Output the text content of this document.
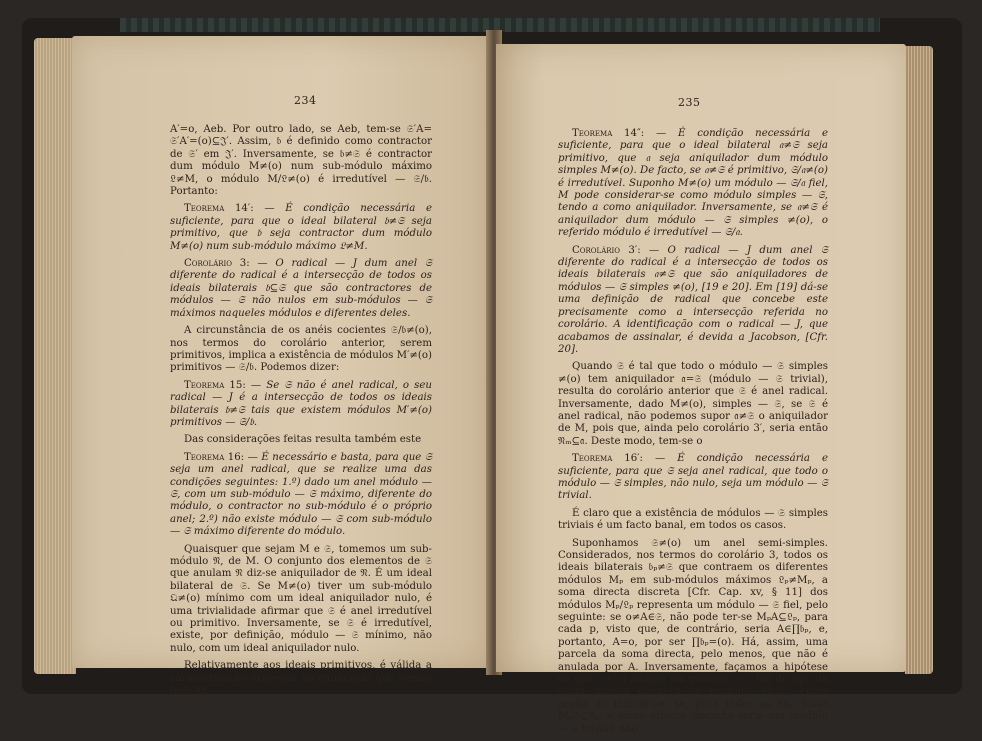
234

A′=o, Aeb. Por outro lado, se Aeb, tem-se 𝔖′A= 𝔖′A′=(o)⊆𝔍′. Assim, 𝔟 é definido como contractor de 𝔖′ em 𝔍′. Inversamente, se 𝔟≠𝔖 é contractor dum módulo M≠(o) num sub-módulo máximo 𝔏≠M, o módulo M/𝔏≠(o) é irredutível — 𝔖/𝔟. Portanto:

Teorema 14′: — É condição necessária e suficiente, para que o ideal bilateral 𝔟≠𝔖 seja primitivo, que 𝔟 seja contractor dum módulo M≠(o) num sub-módulo máximo 𝔏≠M.

Corolário 3: — O radical — J dum anel 𝔖 diferente do radical é a intersecção de todos os ideais bilaterais 𝔟⊆𝔖 que são contractores de módulos — 𝔖 não nulos em sub-módulos — 𝔖 máximos naqueles módulos e diferentes deles.

A circunstância de os anéis cocientes 𝔖/𝔟≠(o), nos termos do corolário anterior, serem primitivos, implica a existência de módulos M′≠(o) primitivos — 𝔖/𝔟. Podemos dizer:

Teorema 15: — Se 𝔖 não é anel radical, o seu radical — J é a intersecção de todos os ideais bilaterais 𝔟≠𝔖 tais que existem módulos M′≠(o) primitivos — 𝔖/𝔟.

Das considerações feitas resulta também este

Teorema 16: — É necessário e basta, para que 𝔖 seja um anel radical, que se realize uma das condições seguintes: 1.º) dado um anel módulo — 𝔖, com um sub-módulo — 𝔖 máximo, diferente do módulo, o contractor no sub-módulo é o próprio anel; 2.º) não existe módulo — 𝔖 com sub-módulo — 𝔖 máximo diferente do módulo.

Quaisquer que sejam M e 𝔖, tomemos um sub-módulo 𝔑, de M. O conjunto dos elementos de 𝔖 que anulam 𝔑 diz-se aniquilador de 𝔑. É um ideal bilateral de 𝔖. Se M≠(o) tiver um sub-módulo 𝔔≠(o) mínimo com um ideal aniquilador nulo, é uma trivialidade afirmar que 𝔖 é anel irredutível ou primitivo. Inversamente, se 𝔖 é irredutível, existe, por definição, módulo — 𝔖 mínimo, não nulo, com um ideal aniquilador nulo.

Relativamente aos ideais primitivos, é válida a caracterização expressa no enunciado que vamos indicar.

235

Teorema 14″: — É condição necessária e suficiente, para que o ideal bilateral 𝔞≠𝔖 seja primitivo, que 𝔞 seja aniquilador dum módulo simples M≠(o). De facto, se 𝔞≠𝔖 é primitivo, 𝔖/𝔞≠(o) é irredutível. Suponho M≠(o) um módulo — 𝔖/𝔞 fiel, M pode considerar-se como módulo simples — 𝔖, tendo a como aniquilador. Inversamente, se 𝔞≠𝔖 é aniquilador dum módulo — 𝔖 simples ≠(o), o referido módulo é irredutível — 𝔖/𝔞.

Corolário 3′: — O radical — J dum anel 𝔖 diferente do radical é a intersecção de todos os ideais bilaterais 𝔞≠𝔖 que são aniquiladores de módulos — 𝔖 simples ≠(o), [19 e 20]. Em [19] dá-se uma definição de radical que concebe este precisamente como a intersecção referida no corolário. A identificação com o radical — J, que acabamos de assinalar, é devida a Jacobson, [Cfr. 20].

Quando 𝔖 é tal que todo o módulo — 𝔖 simples ≠(o) tem aniquilador 𝔞=𝔖 (módulo — 𝔖 trivial), resulta do corolário anterior que 𝔖 é anel radical. Inversamente, dado M≠(o), simples — 𝔖, se 𝔖 é anel radical, não podemos supor 𝔞≠𝔖 o aniquilador de M, pois que, ainda pelo corolário 3′, seria então 𝔑ₘ⊆𝔞. Deste modo, tem-se o

Teorema 16′: — É condição necessária e suficiente, para que 𝔖 seja anel radical, que todo o módulo — 𝔖 simples, não nulo, seja um módulo — 𝔖 trivial.

É claro que a existência de módulos — 𝔖 simples triviais é um facto banal, em todos os casos.

Suponhamos 𝔖≠(o) um anel semi-simples. Considerados, nos termos do corolário 3, todos os ideais bilaterais 𝔟ₚ≠𝔖 que contraem os diferentes módulos Mₚ em sub-módulos máximos 𝔏ₚ≠Mₚ, a soma directa discreta [Cfr. Cap. xv, § 11] dos módulos Mₚ/𝔏ₚ representa um módulo — 𝔖 fiel, pelo seguinte: se o≠A∈𝔖, não pode ter-se MₚA⊆𝔏ₚ, para cada p, visto que, de contrário, seria A∈∏𝔟ₚ, e, portanto, A=o, por ser ∏𝔟ₚ=(o). Há, assim, uma parcela da soma directa, pelo menos, que não é anulada por A. Inversamente, façamos a hipótese de que 𝔖≠(o) admite um módulo — 𝔖 fiel do tipo da soma directa discreta de módulos Mₚ/𝔏ₚ, como acaba de indicar-se; se, para todos os Mₚ, fosse Mₚ𝔖⊆𝔏ₚ, a soma directa discreta seria um módulo — 𝔖 trivial, não
